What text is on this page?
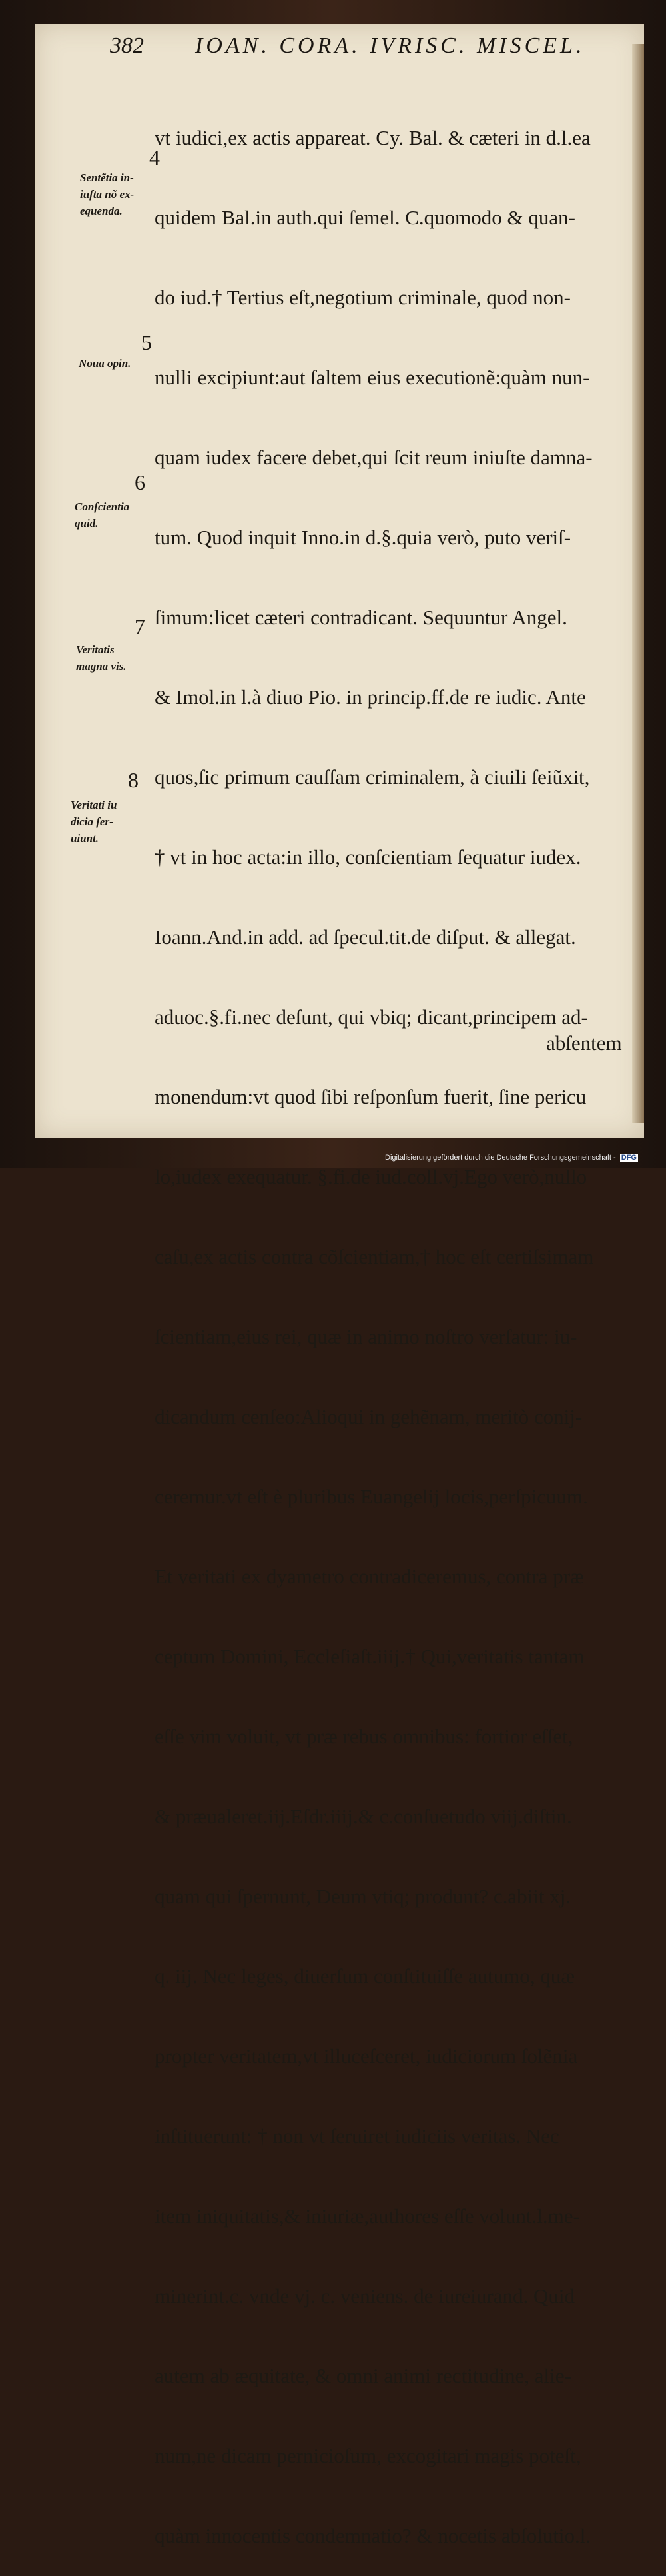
382 IOAN. CORA. IVRISC. MISCEL.

vt iudici,ex actis appareat. Cy. Bal. & cæteri in d.l.ea

quidem Bal.in auth.qui ſemel. C.quomodo & quan-

do iud.† Tertius eſt,negotium criminale, quod non-

nulli excipiunt:aut ſaltem eius executionẽ:quàm nun-

quam iudex facere debet,qui ſcit reum iniuſte damna-

tum. Quod inquit Inno.in d.§.quia verò, puto veriſ-

ſimum:licet cæteri contradicant. Sequuntur Angel.

& Imol.in l.à diuo Pio. in princip.ff.de re iudic. Ante

quos,ſic primum cauſſam criminalem, à ciuili ſeiũxit,

† vt in hoc acta:in illo, conſcientiam ſequatur iudex.

Ioann.And.in add. ad ſpecul.tit.de diſput. & allegat.

aduoc.§.fi.nec deſunt, qui vbiq; dicant,principem ad-

monendum:vt quod ſibi reſponſum fuerit, ſine pericu

lo,iudex exequatur. §.fi.de iud.coll.vj.Ego verò,nullo

caſu,ex actis contra cõſcientiam,† hoc eſt certiſsimam

ſcientiam,eius rei, quæ in animo noſtro verſatur: iu-

dicandum cenſeo:Alioqui in gehẽnam, meritò conij-

ceremur.vt eſt è pluribus Euangelij locis,perſpicuum.

Et veritati ex dyametro contradiceremus, contra præ

ceptum Domini, Eccleſiaſt.iiij.† Qui,veritatis tantam

eſſe vim voluit, vt præ rebus omnibus: fortior eſſet,

& præualeret.iij.Eſdr.iiij.& c.conſuetudo viij.diſtin.

quam qui ſpernunt, Deum vtiq; produnt? c.abiit xj.

q. iij. Nec leges, diuerſum conſtituiſſe autumo, quæ

propter veritatem,vt illuceſceret, iudiciorum ſolẽnia

inſtituerunt: † non vt ſeruiret iudiciis veritas. Nec

item iniquitatis,& iniuriæ,authores eſſe volunt.l.me-

minerint.c. vnde vj. c. veniens. de iureiurand. Quid

autem ab æquitate, & omni animi rectitudine, alie-

num,ne dicam pernicioſum, excogitari magis poteſt,

quàm innocentis condemnatio? & nocetis abſolutio.l.

4
Sentẽtia in-
iuſta nõ ex-
equenda.
5
Noua opin.
6
Conſcientia
quid.
7
Veritatis
magna vis.
8
Veritati iu
dicia ſer-
uiunt.
abſentem
Digitalisierung gefördert durch die Deutsche Forschungsgemeinschaft - DFG
